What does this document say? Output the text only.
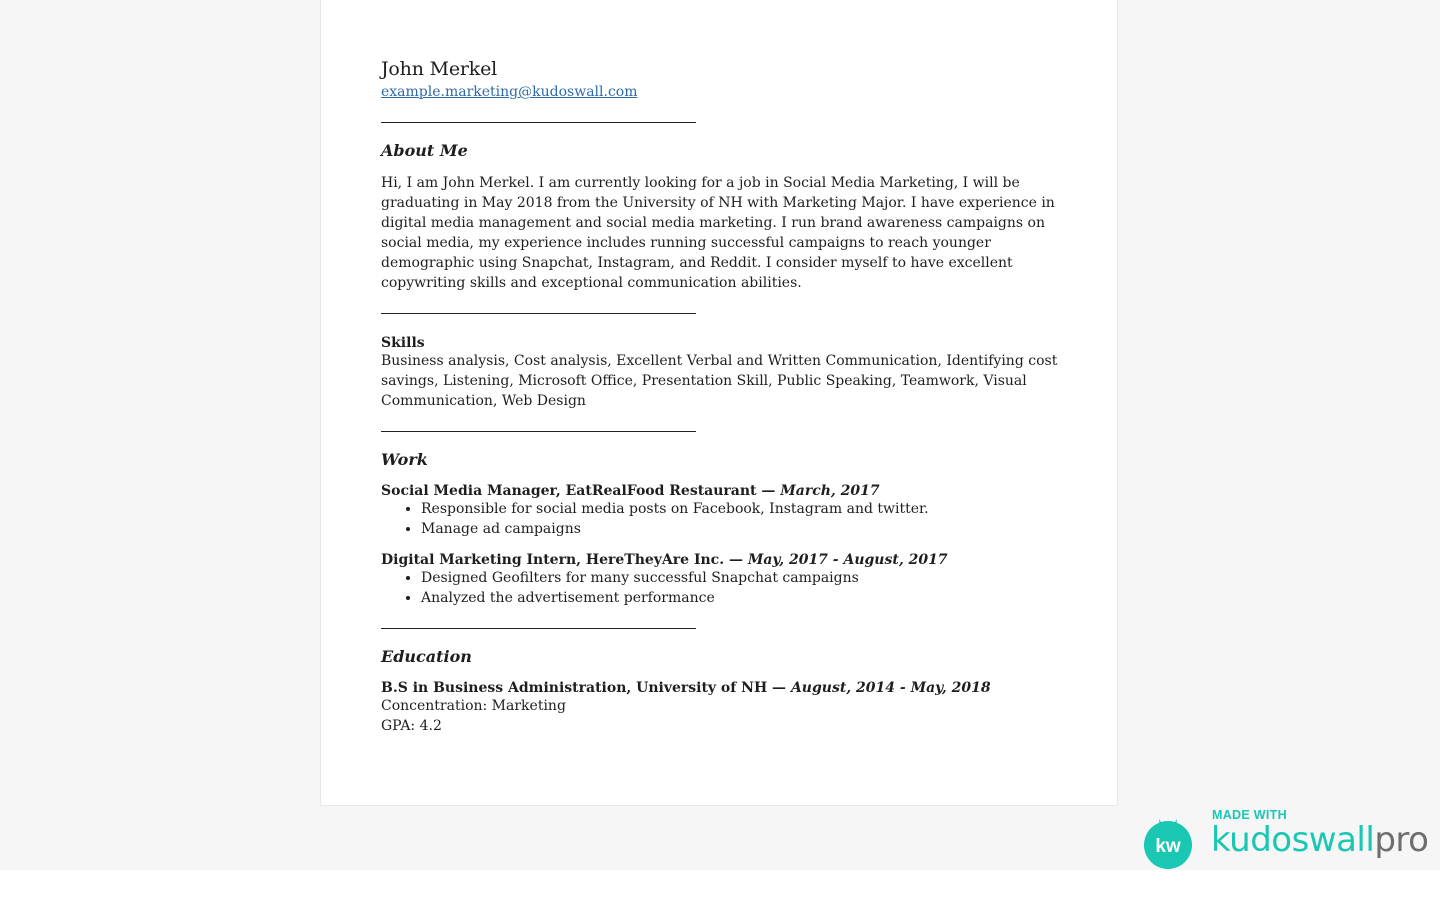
John Merkel
example.marketing@kudoswall.com
About Me

Hi, I am John Merkel. I am currently looking for a job in Social Media Marketing, I will be graduating in May 2018 from the University of NH with Marketing Major. I have experience in digital media management and social media marketing. I run brand awareness campaigns on social media, my experience includes running successful campaigns to reach younger demographic using Snapchat, Instagram, and Reddit. I consider myself to have excellent copywriting skills and exceptional communication abilities.

Skills

Business analysis, Cost analysis, Excellent Verbal and Written Communication, Identifying cost savings, Listening, Microsoft Office, Presentation Skill, Public Speaking, Teamwork, Visual Communication, Web Design

Work

Social Media Manager, EatRealFood Restaurant — March, 2017

• Responsible for social media posts on Facebook, Instagram and twitter.
• Manage ad campaigns

Digital Marketing Intern, HereTheyAre Inc. — May, 2017 - August, 2017

• Designed Geofilters for many successful Snapchat campaigns
• Analyzed the advertisement performance
Education

B.S in Business Administration, University of NH — August, 2014 - May, 2018

Concentration: Marketing

GPA: 4.2

kw
MADE WITH
kudoswallpro
